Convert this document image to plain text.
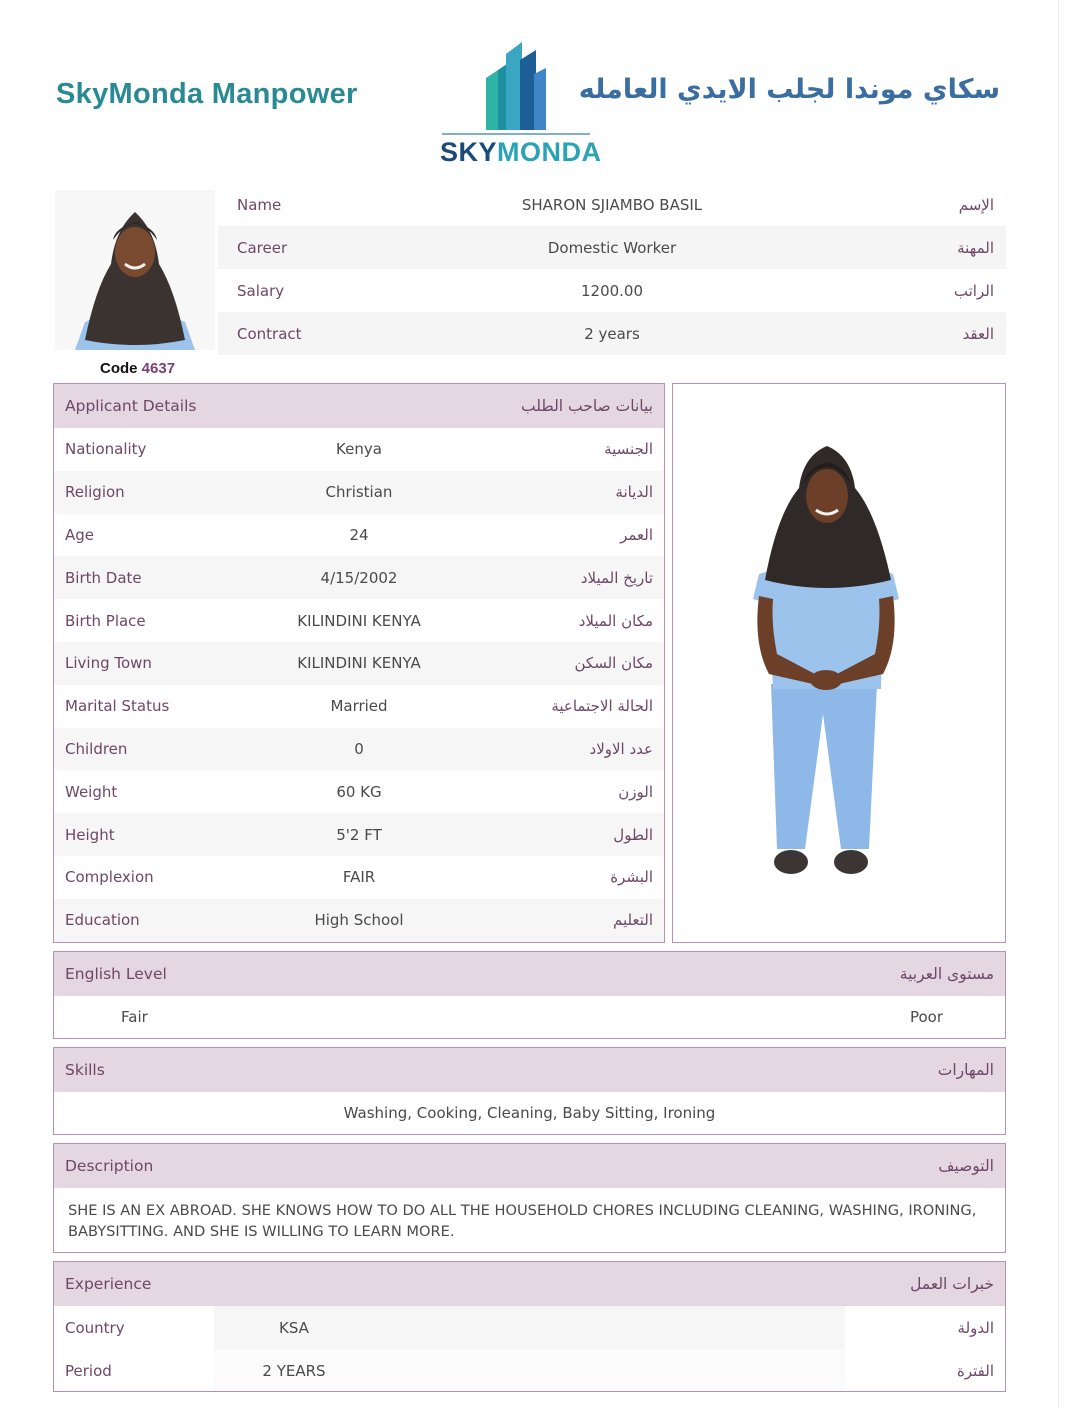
SkyMonda Manpower
SKYMONDA
سكاي موندا لجلب الايدي العامله
Code 4637
Name	SHARON SJIAMBO BASIL	الإسم
Career	Domestic Worker	المهنة
Salary	1200.00	الراتب
Contract	2 years	العقد
Applicant Details	بيانات صاحب الطلب
Nationality	Kenya	الجنسية
Religion	Christian	الديانة
Age	24	العمر
Birth Date	4/15/2002	تاريخ الميلاد
Birth Place	KILINDINI KENYA	مكان الميلاد
Living Town	KILINDINI KENYA	مكان السكن
Marital Status	Married	الحالة الاجتماعية
Children	0	عدد الاولاد
Weight	60 KG	الوزن
Height	5'2 FT	الطول
Complexion	FAIR	البشرة
Education	High School	التعليم
English Level	مستوى العربية
Fair	Poor
Skills	المهارات
Washing, Cooking, Cleaning, Baby Sitting, Ironing
Description	التوصيف
SHE IS AN EX ABROAD. SHE KNOWS HOW TO DO ALL THE HOUSEHOLD CHORES INCLUDING CLEANING, WASHING, IRONING, BABYSITTING. AND SHE IS WILLING TO LEARN MORE.
Experience	خبرات العمل
Country	KSA	الدولة
Period	2 YEARS	الفترة
